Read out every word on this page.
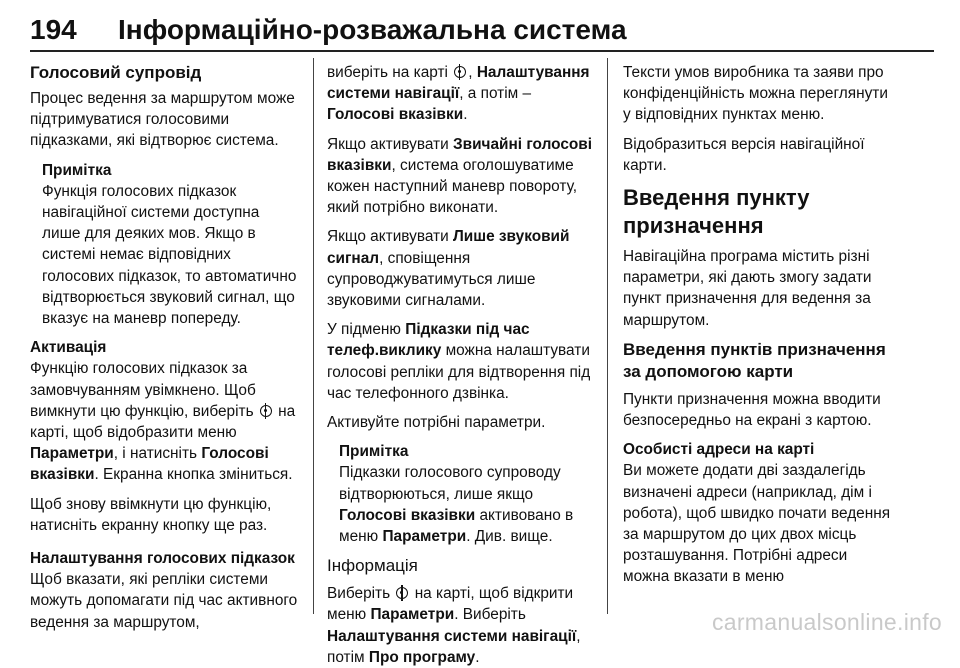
194 Інформаційно-розважальна система
Голосовий супровід

Процес ведення за маршрутом може підтримуватися голосовими підказками, які відтворює система.

Примітка
Функція голосових підказок навігаційної системи доступна лише для деяких мов. Якщо в системі немає відповідних голосових підказок, то автоматично відтворюється звуковий сигнал, що вказує на маневр попереду.
Активація

Функцію голосових підказок за замовчуванням увімкнено. Щоб вимкнути цю функцію, виберіть на карті, щоб відобразити меню Параметри, і натисніть Голосові вказівки. Екранна кнопка зміниться.

Щоб знову ввімкнути цю функцію, натисніть екранну кнопку ще раз.

Налаштування голосових підказок

Щоб вказати, які репліки системи можуть допомагати під час активного ведення за маршрутом,

виберіть на карті , Налаштування системи навігації, а потім – Голосові вказівки.

Якщо активувати Звичайні голосові вказівки, система оголошуватиме кожен наступний маневр повороту, який потрібно виконати.

Якщо активувати Лише звуковий сигнал, сповіщення супроводжуватимуться лише звуковими сигналами.

У підменю Підказки під час телеф.виклику можна налаштувати голосові репліки для відтворення під час телефонного дзвінка.

Активуйте потрібні параметри.

Примітка
Підказки голосового супроводу відтворюються, лише якщо Голосові вказівки активовано в меню Параметри. Див. вище.
Інформація

Виберіть на карті, щоб відкрити меню Параметри. Виберіть Налаштування системи навігації, потім Про програму.

Тексти умов виробника та заяви про конфіденційність можна переглянути у відповідних пунктах меню.

Відобразиться версія навігаційної карти.

Введення пункту призначення

Навігаційна програма містить різні параметри, які дають змогу задати пункт призначення для ведення за маршрутом.

Введення пунктів призначення за допомогою карти

Пункти призначення можна вводити безпосередньо на екрані з картою.

Особисті адреси на карті

Ви можете додати дві заздалегідь визначені адреси (наприклад, дім і робота), щоб швидко почати ведення за маршрутом до цих двох місць розташування. Потрібні адреси можна вказати в меню

carmanualsonline.info
